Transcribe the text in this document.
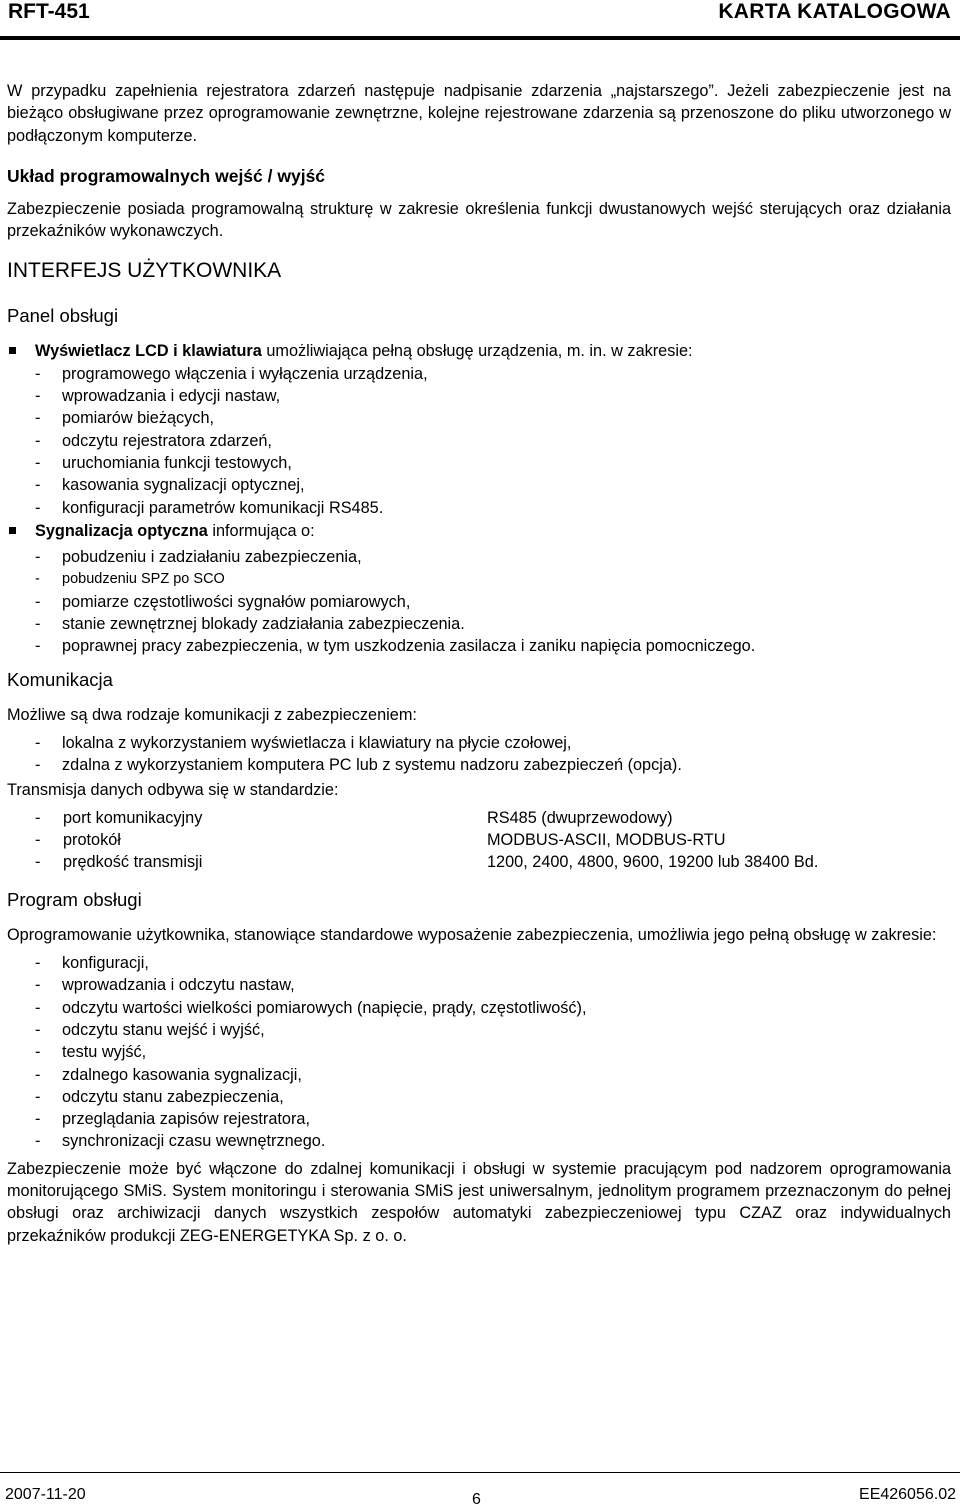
RFT-451	KARTA KATALOGOWA

W przypadku zapełnienia rejestratora zdarzeń następuje nadpisanie zdarzenia „najstarszego”. Jeżeli zabezpieczenie jest na bieżąco obsługiwane przez oprogramowanie zewnętrzne, kolejne rejestrowane zdarzenia są przenoszone do pliku utworzonego w podłączonym komputerze.

Układ programowalnych wejść / wyjść

Zabezpieczenie posiada programowalną strukturę w zakresie określenia funkcji dwustanowych wejść sterujących oraz działania przekaźników wykonawczych.

INTERFEJS UŻYTKOWNIKA

Panel obsługi

Wyświetlacz LCD i klawiatura umożliwiająca pełną obsługę urządzenia, m. in. w zakresie:
- programowego włączenia i wyłączenia urządzenia,
- wprowadzania i edycji nastaw,
- pomiarów bieżących,
- odczytu rejestratora zdarzeń,
- uruchomiania funkcji testowych,
- kasowania sygnalizacji optycznej,
- konfiguracji parametrów komunikacji RS485.
Sygnalizacja optyczna informująca o:
- pobudzeniu i zadziałaniu zabezpieczenia,
- pobudzeniu SPZ po SCO
- pomiarze częstotliwości sygnałów pomiarowych,
- stanie zewnętrznej blokady zadziałania zabezpieczenia.
- poprawnej pracy zabezpieczenia, w tym uszkodzenia zasilacza i zaniku napięcia pomocniczego.

Komunikacja

Możliwe są dwa rodzaje komunikacji z zabezpieczeniem:

- lokalna z wykorzystaniem wyświetlacza i klawiatury na płycie czołowej,
- zdalna z wykorzystaniem komputera PC lub z systemu nadzoru zabezpieczeń (opcja).

Transmisja danych odbywa się w standardzie:

-	port komunikacyjny	RS485 (dwuprzewodowy)
-	protokół	MODBUS-ASCII, MODBUS-RTU
-	prędkość transmisji	1200, 2400, 4800, 9600, 19200 lub 38400 Bd.

Program obsługi

Oprogramowanie użytkownika, stanowiące standardowe wyposażenie zabezpieczenia, umożliwia jego pełną obsługę w zakresie:

- konfiguracji,
- wprowadzania i odczytu nastaw,
- odczytu wartości wielkości pomiarowych (napięcie, prądy, częstotliwość),
- odczytu stanu wejść i wyjść,
- testu wyjść,
- zdalnego kasowania sygnalizacji,
- odczytu stanu zabezpieczenia,
- przeglądania zapisów rejestratora,
- synchronizacji czasu wewnętrznego.

Zabezpieczenie może być włączone do zdalnej komunikacji i obsługi w systemie pracującym pod nadzorem oprogramowania monitorującego SMiS. System monitoringu i sterowania SMiS jest uniwersalnym, jednolitym programem przeznaczonym do pełnej obsługi oraz archiwizacji danych wszystkich zespołów automatyki zabezpieczeniowej typu CZAZ oraz indywidualnych przekaźników produkcji ZEG-ENERGETYKA Sp. z o. o.

2007-11-20	6	EE426056.02
